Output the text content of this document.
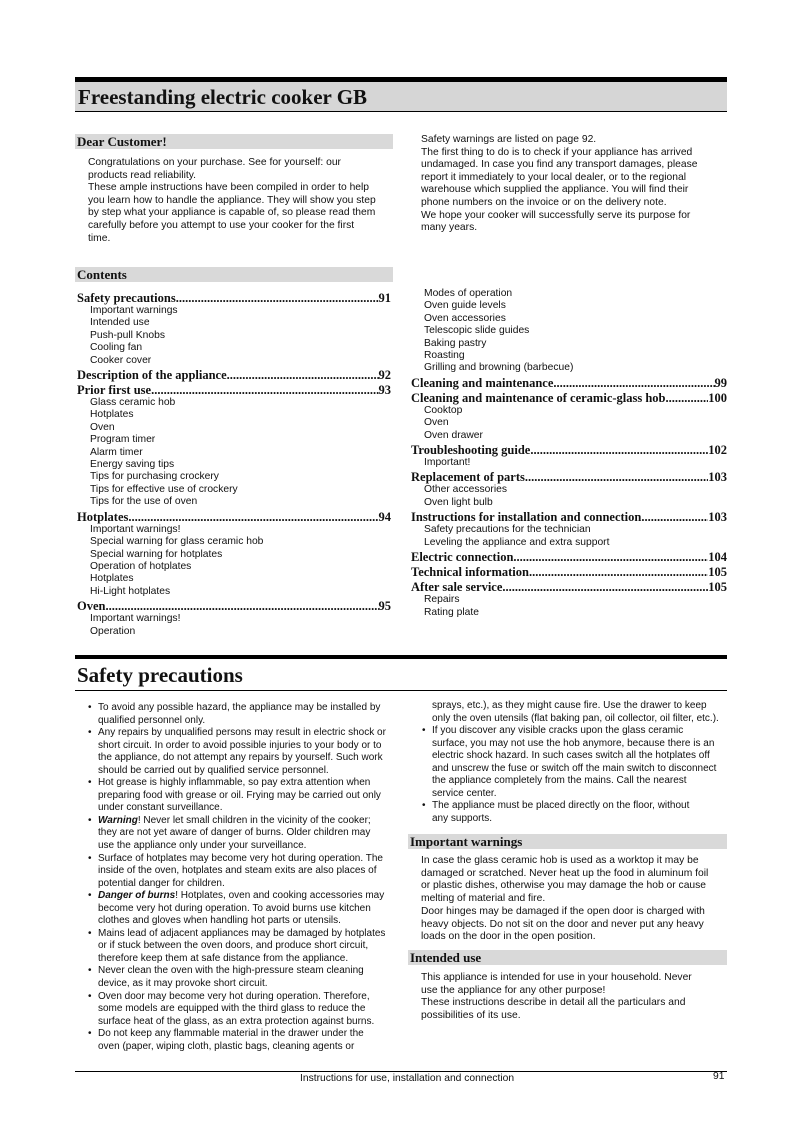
Freestanding electric cooker GB
Dear Customer!

Congratulations on your purchase. See for yourself: our

products read reliability.

These ample instructions have been compiled in order to help

you learn how to handle the appliance. They will show you step

by step what your appliance is capable of, so please read them

carefully before you attempt to use your cooker for the first

time.

Safety warnings are listed on page 92.

The first thing to do is to check if your appliance has arrived

undamaged. In case you find any transport damages, please

report it immediately to your local dealer, or to the regional

warehouse which supplied the appliance. You will find their

phone numbers on the invoice or on the delivery note.

We hope your cooker will successfully serve its purpose for

many years.

Contents
Safety precautions .....	91
Important warnings
Intended use
Push-pull Knobs
Cooling fan
Cooker cover
Description of the appliance .....	92
Prior first use .....	93
Glass ceramic hob
Hotplates
Oven
Program timer
Alarm timer
Energy saving tips
Tips for purchasing crockery
Tips for effective use of crockery
Tips for the use of oven
Hotplates .....	94
Important warnings!
Special warning for glass ceramic hob
Special warning for hotplates
Operation of hotplates
Hotplates
Hi-Light hotplates
Oven .....	95
Important warnings!
Operation
Modes of operation
Oven guide levels
Oven accessories
Telescopic slide guides
Baking pastry
Roasting
Grilling and browning (barbecue)
Cleaning and maintenance .....	99
Cleaning and maintenance of ceramic-glass hob .....	100
Cooktop
Oven
Oven drawer
Troubleshooting guide .....	102
Important!
Replacement of parts .....	103
Other accessories
Oven light bulb
Instructions for installation and connection .....	103
Safety precautions for the technician
Leveling the appliance and extra support
Electric connection .....	104
Technical information .....	105
After sale service .....	105
Repairs
Rating plate
Safety precautions
• To avoid any possible hazard, the appliance may be installed by
qualified personnel only.
• Any repairs by unqualified persons may result in electric shock or
short circuit. In order to avoid possible injuries to your body or to
the appliance, do not attempt any repairs by yourself. Such work
should be carried out by qualified service personnel.
• Hot grease is highly inflammable, so pay extra attention when
preparing food with grease or oil. Frying may be carried out only
under constant surveillance.
• Warning! Never let small children in the vicinity of the cooker;
they are not yet aware of danger of burns. Older children may
use the appliance only under your surveillance.
• Surface of hotplates may become very hot during operation. The
inside of the oven, hotplates and steam exits are also places of
potential danger for children.
• Danger of burns! Hotplates, oven and cooking accessories may
become very hot during operation. To avoid burns use kitchen
clothes and gloves when handling hot parts or utensils.
• Mains lead of adjacent appliances may be damaged by hotplates
or if stuck between the oven doors, and produce short circuit,
therefore keep them at safe distance from the appliance.
• Never clean the oven with the high-pressure steam cleaning
device, as it may provoke short circuit.
• Oven door may become very hot during operation. Therefore,
some models are equipped with the third glass to reduce the
surface heat of the glass, as an extra protection against burns.
• Do not keep any flammable material in the drawer under the
oven (paper, wiping cloth, plastic bags, cleaning agents or
sprays, etc.), as they might cause fire. Use the drawer to keep
only the oven utensils (flat baking pan, oil collector, oil filter, etc.).
• If you discover any visible cracks upon the glass ceramic
surface, you may not use the hob anymore, because there is an
electric shock hazard. In such cases switch all the hotplates off
and unscrew the fuse or switch off the main switch to disconnect
the appliance completely from the mains. Call the nearest
service center.
• The appliance must be placed directly on the floor, without
any supports.
Important warnings

In case the glass ceramic hob is used as a worktop it may be

damaged or scratched. Never heat up the food in aluminum foil

or plastic dishes, otherwise you may damage the hob or cause

melting of material and fire.

Door hinges may be damaged if the open door is charged with

heavy objects. Do not sit on the door and never put any heavy

loads on the door in the open position.

Intended use

This appliance is intended for use in your household. Never

use the appliance for any other purpose!

These instructions describe in detail all the particulars and

possibilities of its use.

Instructions for use, installation and connection	91
